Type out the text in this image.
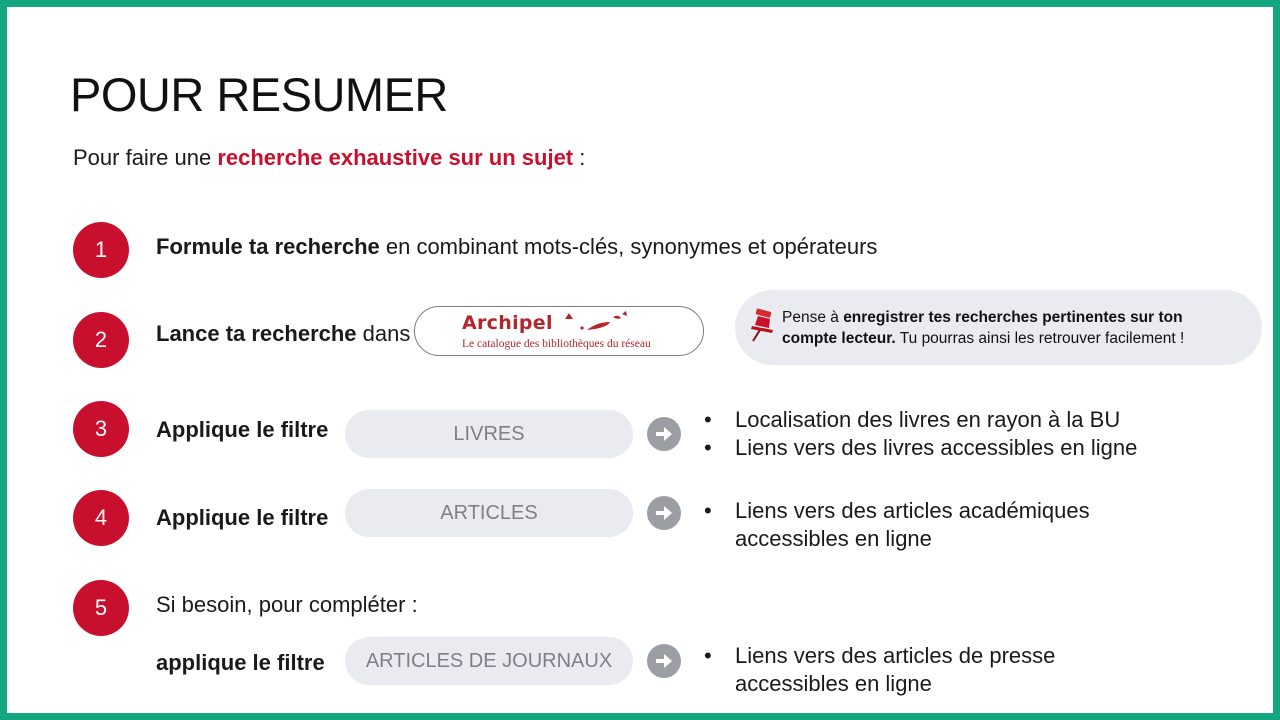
POUR RESUMER
Pour faire une recherche exhaustive sur un sujet :
1	Formule ta recherche en combinant mots-clés, synonymes et opérateurs
2	Lance ta recherche dans	Archipel
Le catalogue des bibliothèques du réseau
Pense à enregistrer tes recherches pertinentes sur ton compte lecteur. Tu pourras ainsi les retrouver facilement !
3	Applique le filtre	LIVRES
• Localisation des livres en rayon à la BU
• Liens vers des livres accessibles en ligne
4	Applique le filtre	ARTICLES	• Liens vers des articles académiques accessibles en ligne
5	Si besoin, pour compléter :
applique le filtre	ARTICLES DE JOURNAUX	• Liens vers des articles de presse accessibles en ligne
